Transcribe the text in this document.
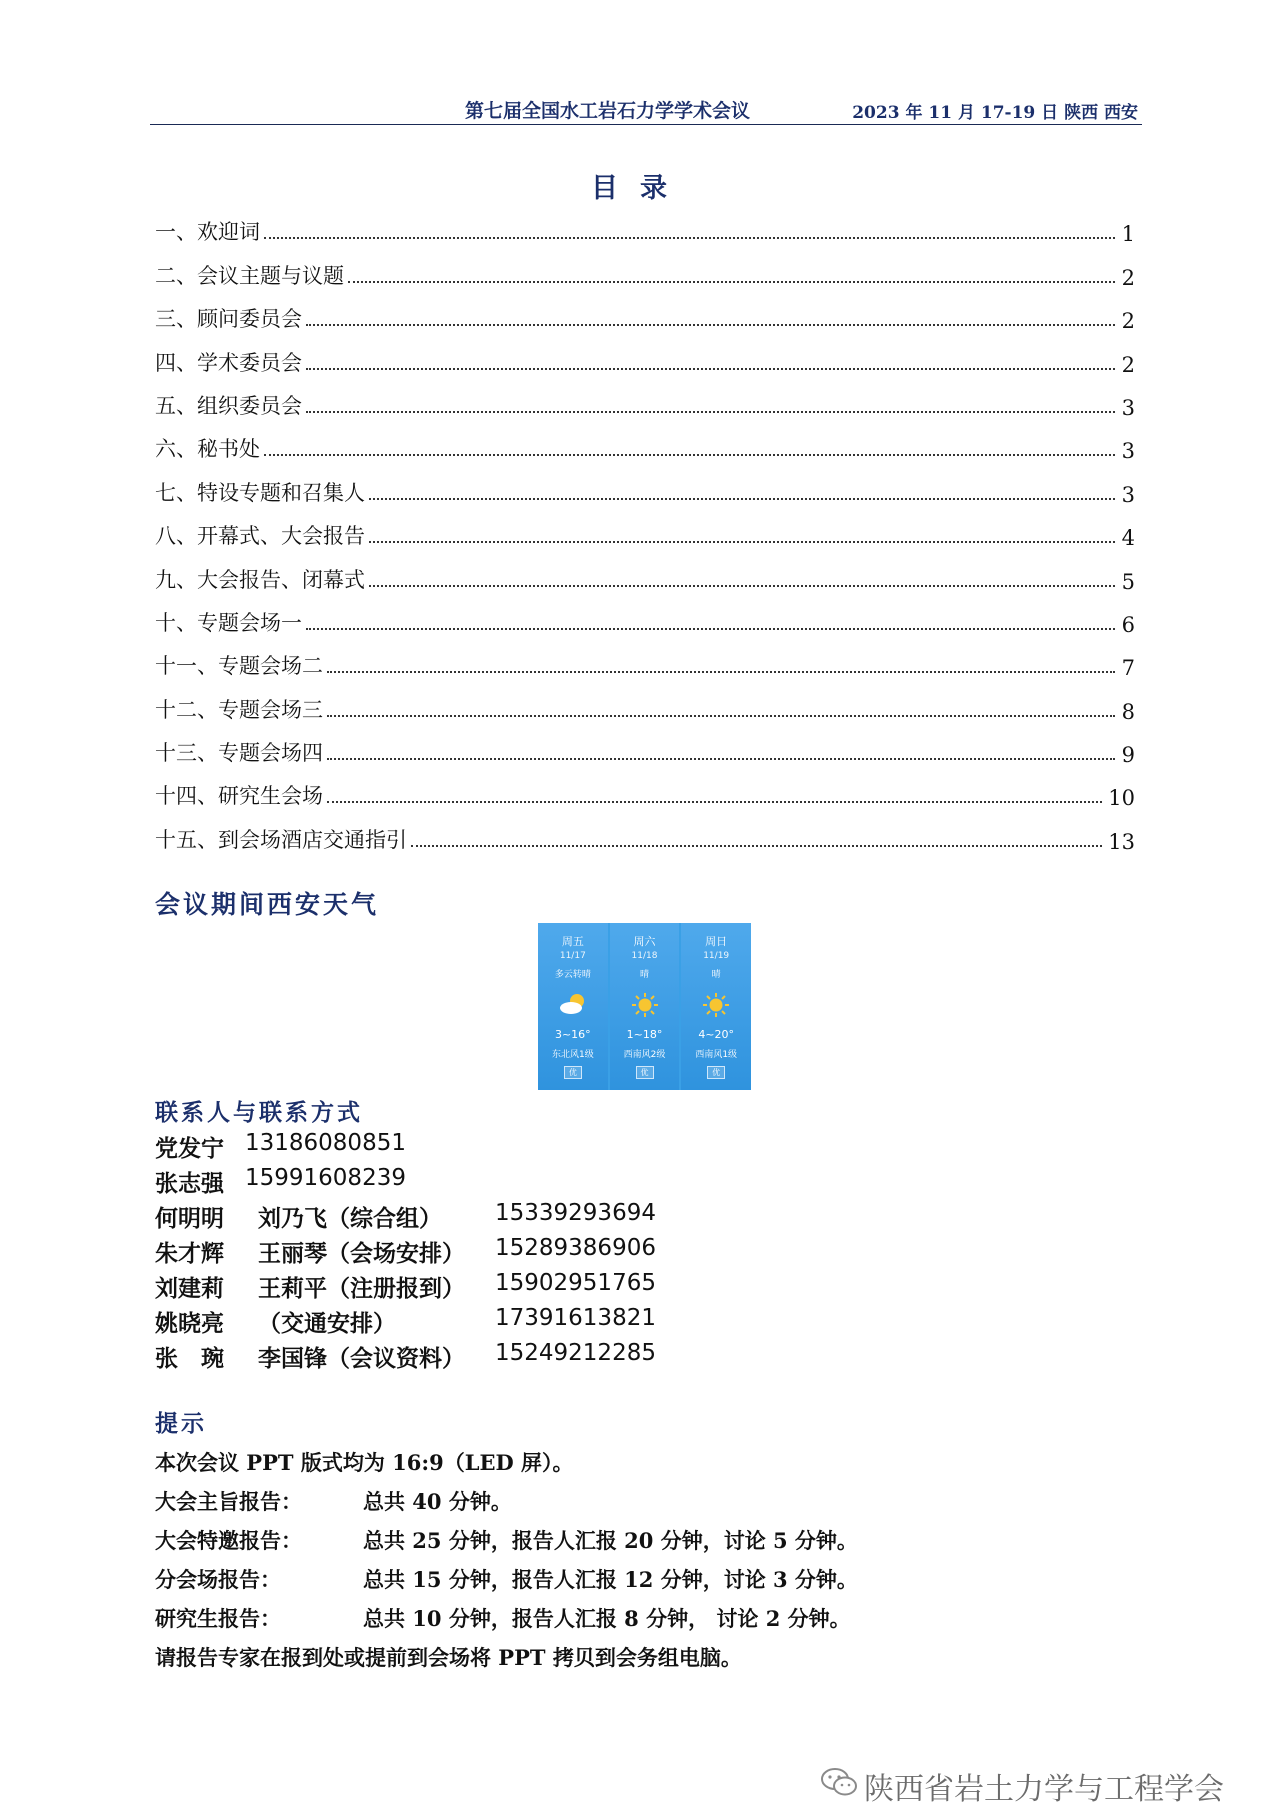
第七届全国水工岩石力学学术会议	2023 年 11 月 17-19 日 陕西 西安
目录
一、欢迎词	1
二、会议主题与议题	2
三、顾问委员会	2
四、学术委员会	2
五、组织委员会	3
六、秘书处	3
七、特设专题和召集人	3
八、开幕式、大会报告	4
九、大会报告、闭幕式	5
十、专题会场一	6
十一、专题会场二	7
十二、专题会场三	8
十三、专题会场四	9
十四、研究生会场	10
十五、到会场酒店交通指引	13
会议期间西安天气
周五
11/17
多云转晴
3~16°
东北风1级
优
周六
11/18
晴
1~18°
西南风2级
优
周日
11/19
晴
4~20°
西南风1级
优
联系人与联系方式
党发宁 13186080851
张志强 15991608239
何明明 刘乃飞（综合组） 15339293694
朱才辉 王丽琴（会场安排） 15289386906
刘建莉 王莉平（注册报到） 15902951765
姚晓亮 （交通安排）	17391613821
张　琬 李国锋（会议资料） 15249212285
提示
本次会议 PPT 版式均为 16:9（LED 屏）。
大会主旨报告：	总共 40 分钟。
大会特邀报告：	总共 25 分钟，报告人汇报 20 分钟，讨论 5 分钟。
分会场报告：	总共 15 分钟，报告人汇报 12 分钟，讨论 3 分钟。
研究生报告：	总共 10 分钟，报告人汇报 8 分钟， 讨论 2 分钟。
请报告专家在报到处或提前到会场将 PPT 拷贝到会务组电脑。
陕西省岩土力学与工程学会
